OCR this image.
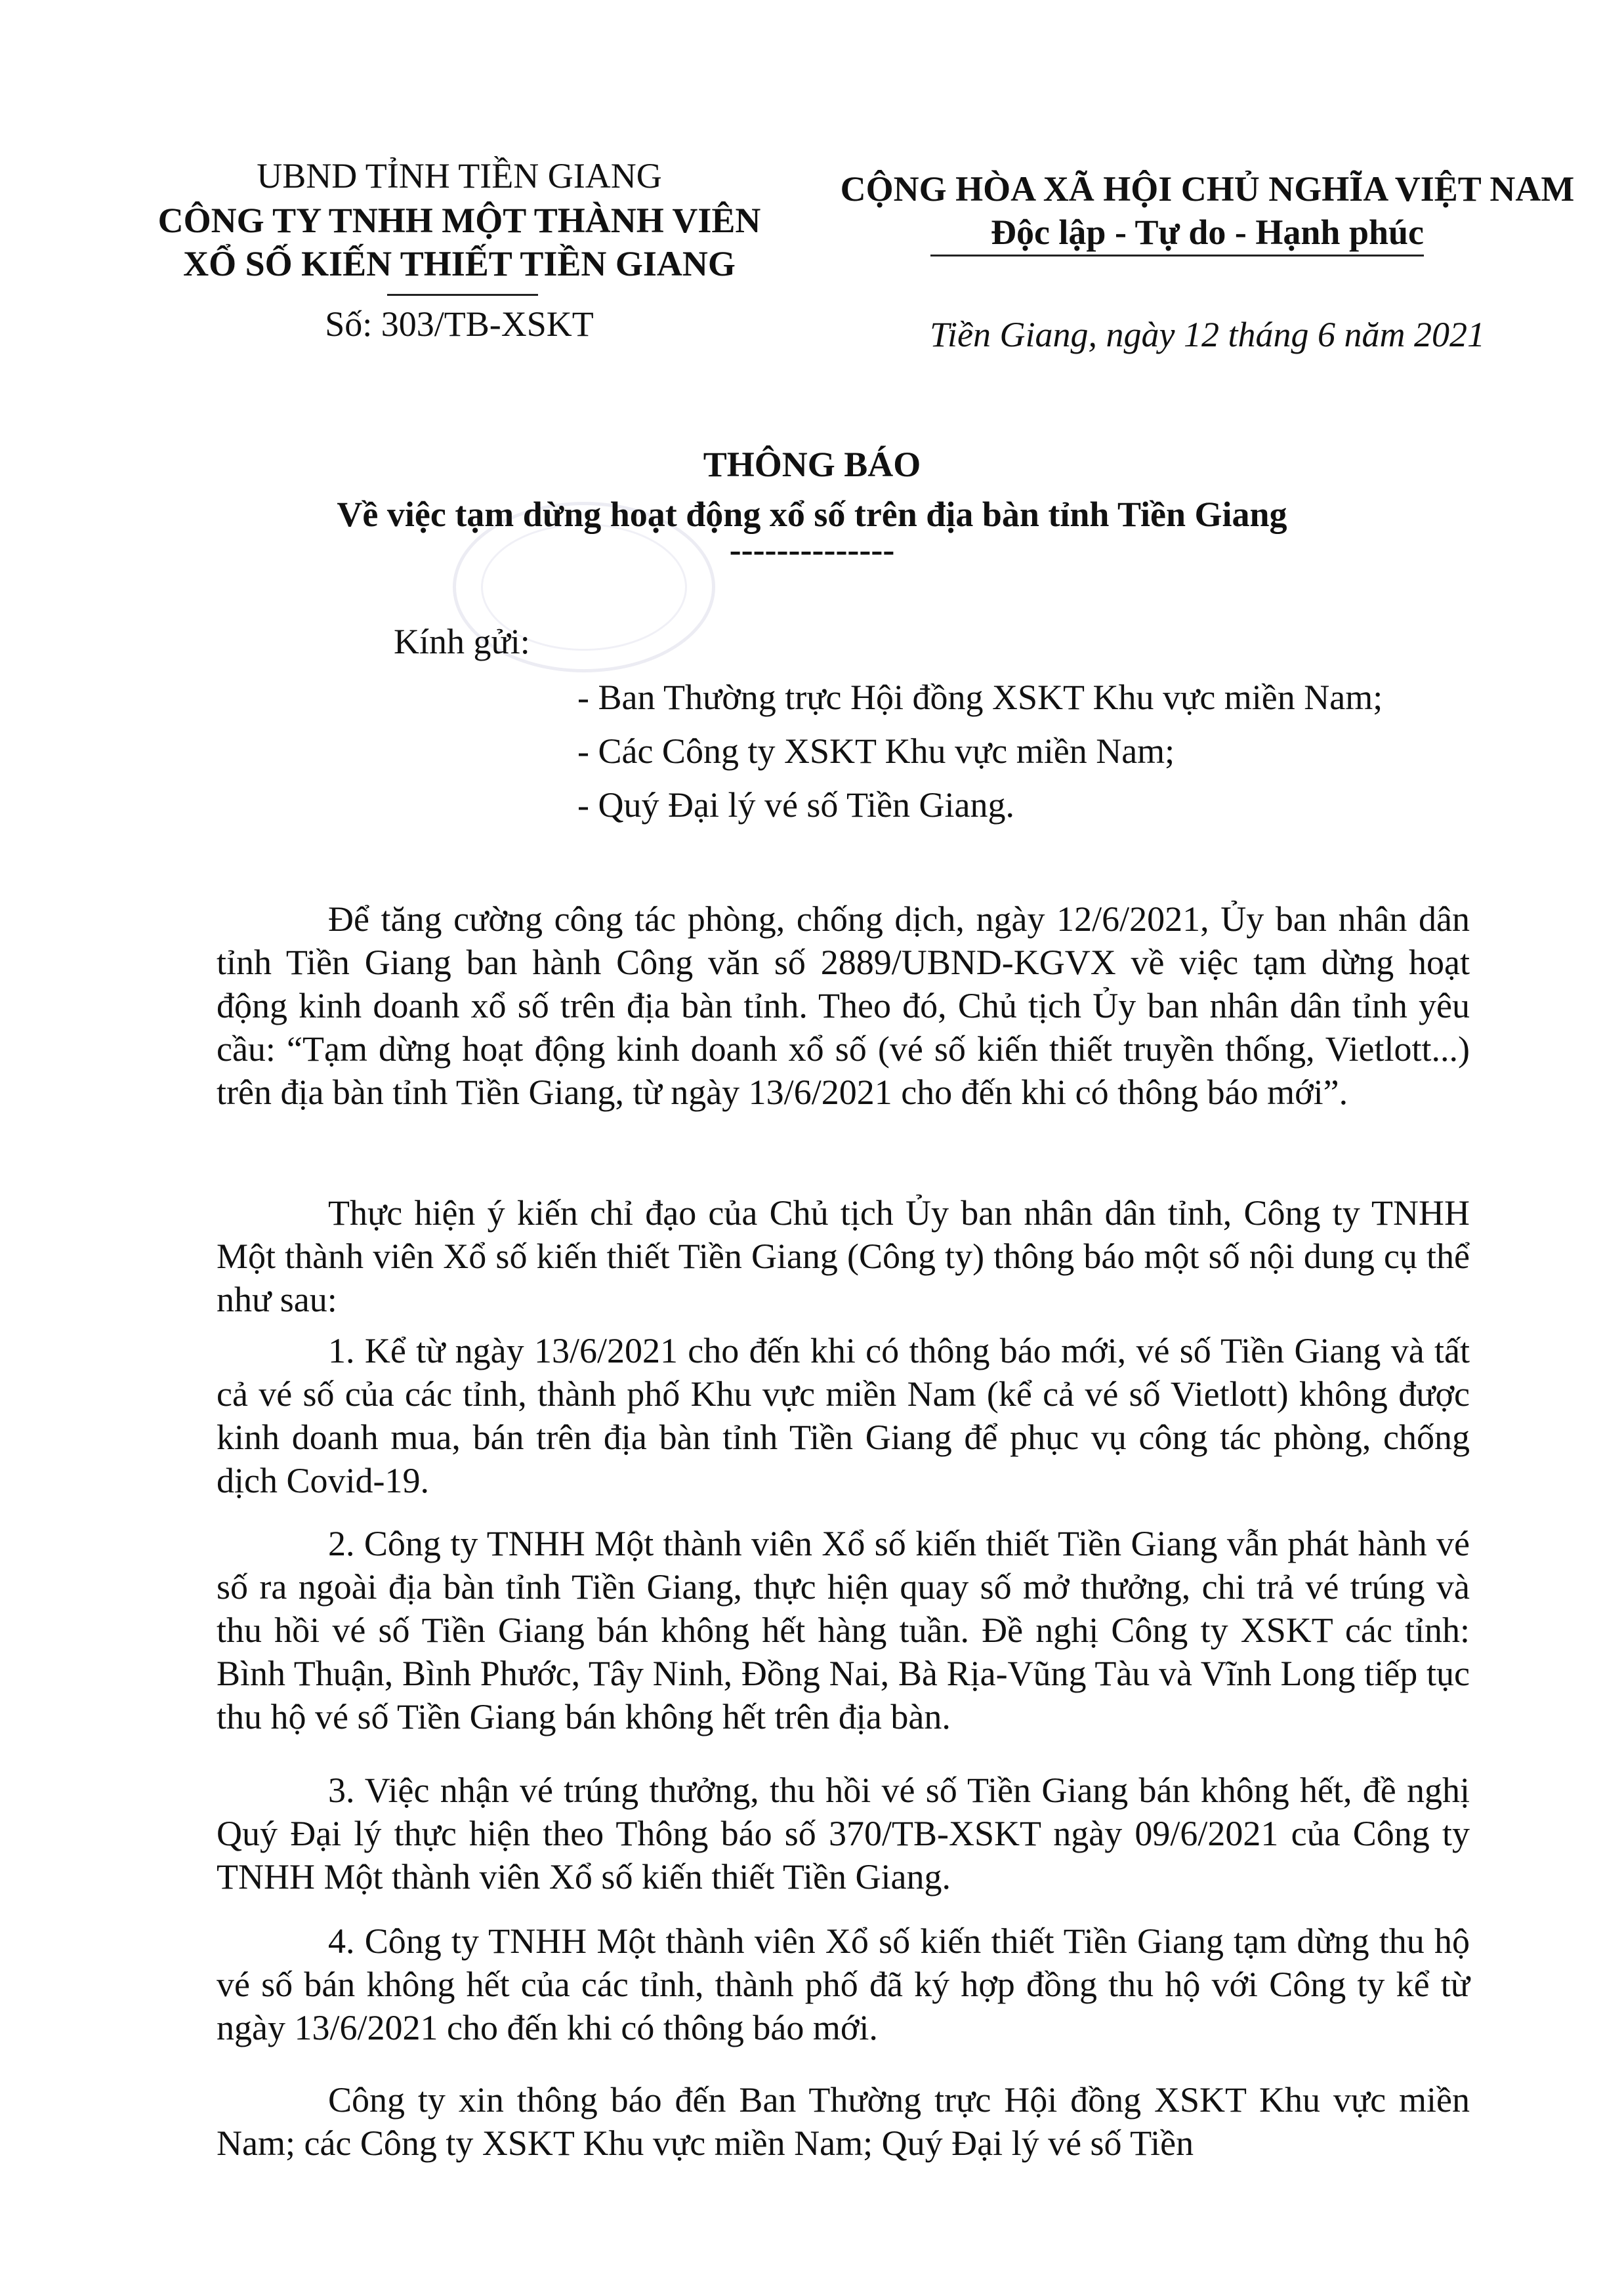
UBND TỈNH TIỀN GIANG
CÔNG TY TNHH MỘT THÀNH VIÊN
XỔ SỐ KIẾN THIẾT TIỀN GIANG
Số: 303/TB-XSKT
CỘNG HÒA XÃ HỘI CHỦ NGHĨA VIỆT NAM
Độc lập - Tự do - Hạnh phúc
Tiền Giang, ngày 12 tháng 6 năm 2021
THÔNG BÁO
Về việc tạm dừng hoạt động xổ số trên địa bàn tỉnh Tiền Giang
--------------
Kính gửi:
- Ban Thường trực Hội đồng XSKT Khu vực miền Nam;
- Các Công ty XSKT Khu vực miền Nam;
- Quý Đại lý vé số Tiền Giang.
Để tăng cường công tác phòng, chống dịch, ngày 12/6/2021, Ủy ban nhân dân tỉnh Tiền Giang ban hành Công văn số 2889/UBND-KGVX về việc tạm dừng hoạt động kinh doanh xổ số trên địa bàn tỉnh. Theo đó, Chủ tịch Ủy ban nhân dân tỉnh yêu cầu: “Tạm dừng hoạt động kinh doanh xổ số (vé số kiến thiết truyền thống, Vietlott...) trên địa bàn tỉnh Tiền Giang, từ ngày 13/6/2021 cho đến khi có thông báo mới”.
Thực hiện ý kiến chỉ đạo của Chủ tịch Ủy ban nhân dân tỉnh, Công ty TNHH Một thành viên Xổ số kiến thiết Tiền Giang (Công ty) thông báo một số nội dung cụ thể như sau:
1. Kể từ ngày 13/6/2021 cho đến khi có thông báo mới, vé số Tiền Giang và tất cả vé số của các tỉnh, thành phố Khu vực miền Nam (kể cả vé số Vietlott) không được kinh doanh mua, bán trên địa bàn tỉnh Tiền Giang để phục vụ công tác phòng, chống dịch Covid-19.
2. Công ty TNHH Một thành viên Xổ số kiến thiết Tiền Giang vẫn phát hành vé số ra ngoài địa bàn tỉnh Tiền Giang, thực hiện quay số mở thưởng, chi trả vé trúng và thu hồi vé số Tiền Giang bán không hết hàng tuần. Đề nghị Công ty XSKT các tỉnh: Bình Thuận, Bình Phước, Tây Ninh, Đồng Nai, Bà Rịa-Vũng Tàu và Vĩnh Long tiếp tục thu hộ vé số Tiền Giang bán không hết trên địa bàn.
3. Việc nhận vé trúng thưởng, thu hồi vé số Tiền Giang bán không hết, đề nghị Quý Đại lý thực hiện theo Thông báo số 370/TB-XSKT ngày 09/6/2021 của Công ty TNHH Một thành viên Xổ số kiến thiết Tiền Giang.
4. Công ty TNHH Một thành viên Xổ số kiến thiết Tiền Giang tạm dừng thu hộ vé số bán không hết của các tỉnh, thành phố đã ký hợp đồng thu hộ với Công ty kể từ ngày 13/6/2021 cho đến khi có thông báo mới.
Công ty xin thông báo đến Ban Thường trực Hội đồng XSKT Khu vực miền Nam; các Công ty XSKT Khu vực miền Nam; Quý Đại lý vé số Tiền
